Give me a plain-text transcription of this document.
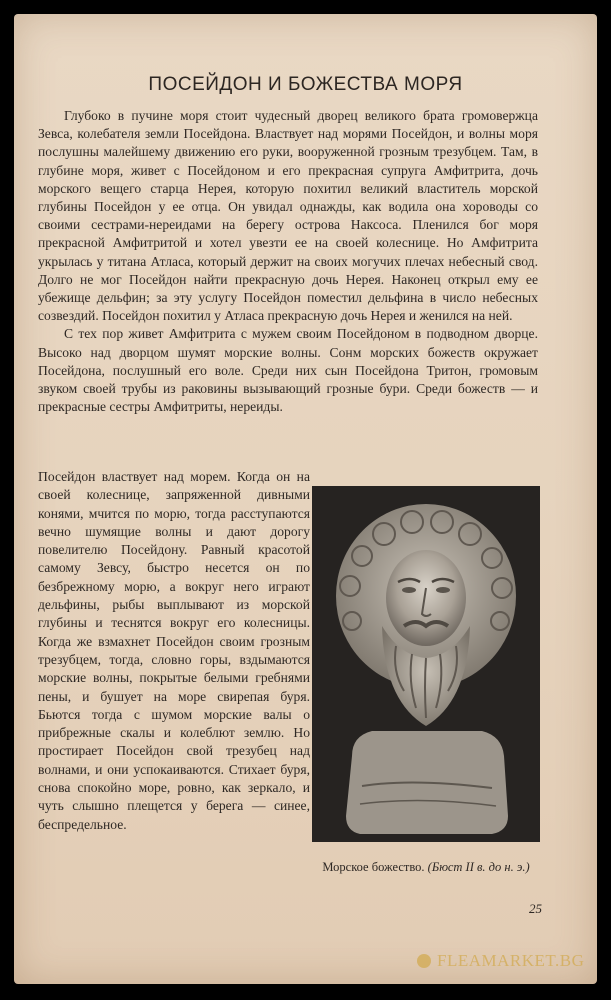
ПОСЕЙДОН И БОЖЕСТВА МОРЯ

Глубоко в пучине моря стоит чудесный дворец великого брата громовержца Зевса, колебателя земли Посейдона. Властвует над морями Посейдон, и волны моря послушны малейшему движению его руки, вооруженной грозным трезубцем. Там, в глубине моря, живет с Посейдоном и его прекрасная супруга Амфитрита, дочь морского вещего старца Нерея, которую похитил великий властитель морской глубины Посейдон у ее отца. Он увидал однажды, как водила она хороводы со своими сестрами-нереидами на берегу острова Наксоса. Пленился бог моря прекрасной Амфитритой и хотел увезти ее на своей колеснице. Но Амфитрита укрылась у титана Атласа, который держит на своих могучих плечах небесный свод. Долго не мог Посейдон найти прекрасную дочь Нерея. Наконец открыл ему ее убежище дельфин; за эту услугу Посейдон поместил дельфина в число небесных созвездий. Посейдон похитил у Атласа прекрасную дочь Нерея и женился на ней.

С тех пор живет Амфитрита с мужем своим Посейдоном в подводном дворце. Высоко над дворцом шумят морские волны. Сонм морских божеств окружает Посейдона, послушный его воле. Среди них сын Посейдона Тритон, громовым звуком своей трубы из раковины вызывающий грозные бури. Среди божеств — и прекрасные сестры Амфитриты, нереиды.

Посейдон властвует над морем. Когда он на своей колеснице, запряженной дивными конями, мчится по морю, тогда расступаются вечно шумящие волны и дают дорогу повелителю Посейдону. Равный красотой самому Зевсу, быстро несется он по безбрежному морю, а вокруг него играют дельфины, рыбы выплывают из морской глубины и теснятся вокруг его колесницы. Когда же взмахнет Посейдон своим грозным трезубцем, тогда, словно горы, вздымаются морские волны, покрытые белыми гребнями пены, и бушует на море свирепая буря. Бьются тогда с шумом морские валы о прибрежные скалы и колеблют землю. Но простирает Посейдон свой трезубец над волнами, и они успокаиваются. Стихает буря, снова спокойно море, ровно, как зеркало, и чуть слышно плещется у берега — синее, беспредельное.
Морское божество. (Бюст II в. до н. э.)
25
FLEAMARKET.BG
